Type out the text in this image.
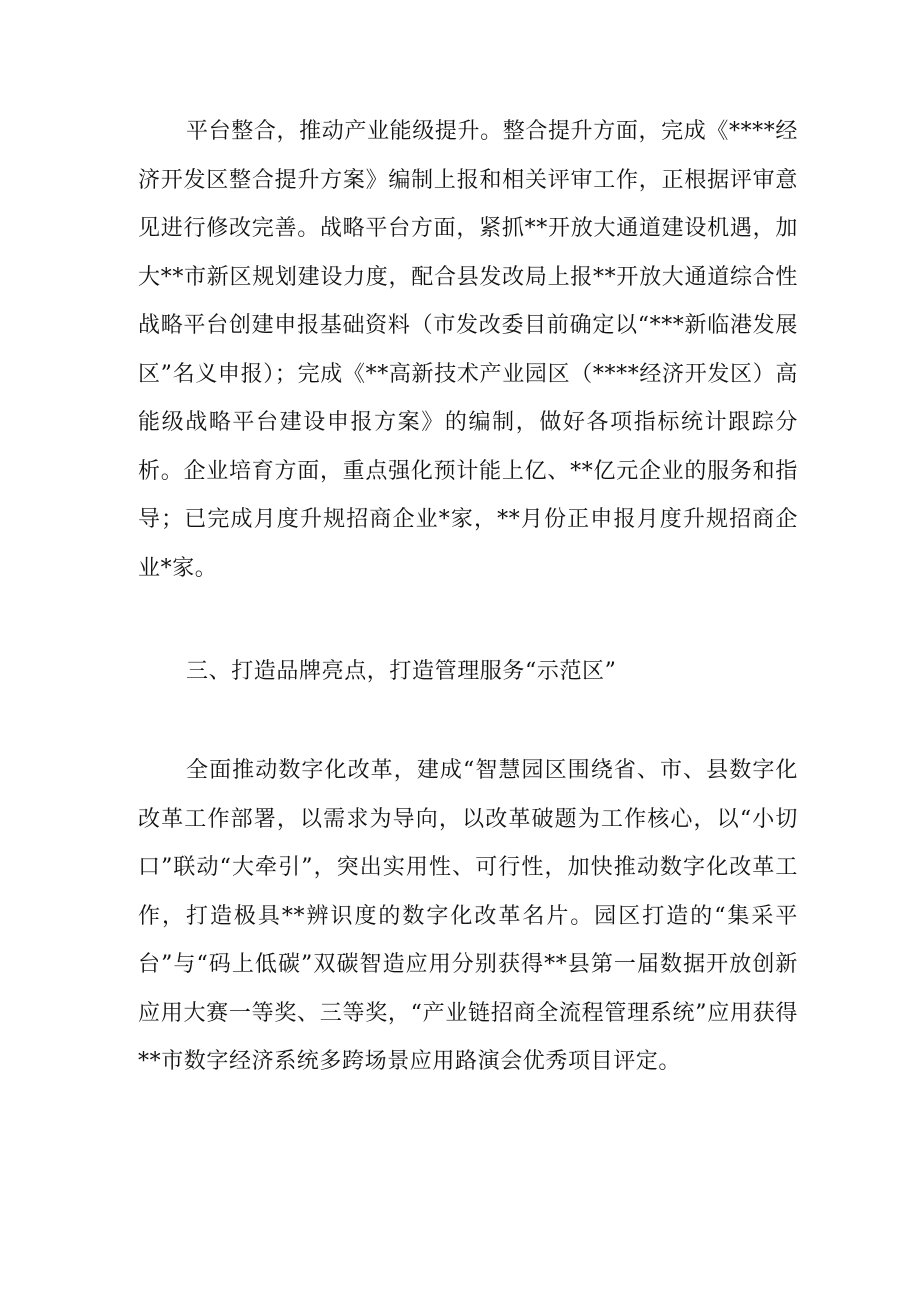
平台整合，推动产业能级提升。整合提升方面，完成《****经济开发区整合提升方案》编制上报和相关评审工作，正根据评审意见进行修改完善。战略平台方面，紧抓**开放大通道建设机遇，加大**市新区规划建设力度，配合县发改局上报**开放大通道综合性战略平台创建申报基础资料（市发改委目前确定以“***新临港发展区”名义申报）；完成《**高新技术产业园区（****经济开发区）高能级战略平台建设申报方案》的编制，做好各项指标统计跟踪分析。企业培育方面，重点强化预计能上亿、**亿元企业的服务和指导；已完成月度升规招商企业*家，**月份正申报月度升规招商企业*家。

三、打造品牌亮点，打造管理服务“示范区”

全面推动数字化改革，建成“智慧园区围绕省、市、县数字化改革工作部署，以需求为导向，以改革破题为工作核心，以“小切口”联动“大牵引”，突出实用性、可行性，加快推动数字化改革工作，打造极具**辨识度的数字化改革名片。园区打造的“集采平台”与“码上低碳”双碳智造应用分别获得**县第一届数据开放创新应用大赛一等奖、三等奖，“产业链招商全流程管理系统”应用获得**市数字经济系统多跨场景应用路演会优秀项目评定。
